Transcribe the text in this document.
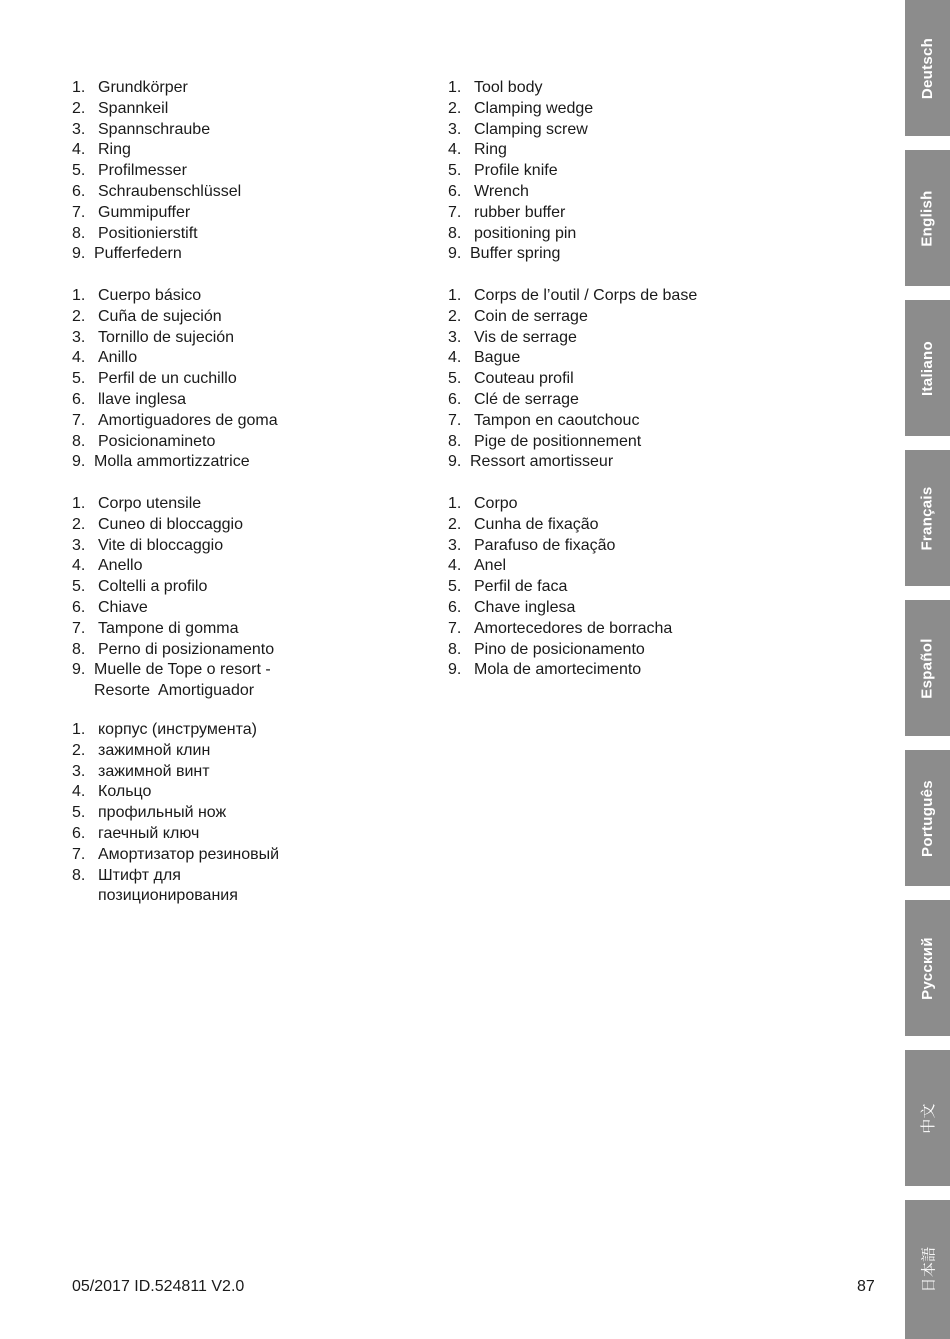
1. Grundkörper
2. Spannkeil
3. Spannschraube
4. Ring
5. Profilmesser
6. Schraubenschlüssel
7. Gummipuffer
8. Positionierstift
9. Pufferfedern
1. Tool body
2. Clamping wedge
3. Clamping screw
4. Ring
5. Profile knife
6. Wrench
7. rubber buffer
8. positioning pin
9. Buffer spring
1. Cuerpo básico
2. Cuña de sujeción
3. Tornillo de sujeción
4. Anillo
5. Perfil de un cuchillo
6. llave inglesa
7. Amortiguadores de goma
8. Posicionamineto
9. Molla ammortizzatrice
1. Corps de l’outil / Corps de base
2. Coin de serrage
3. Vis de serrage
4. Bague
5. Couteau profil
6. Clé de serrage
7. Tampon en caoutchouc
8. Pige de positionnement
9. Ressort amortisseur
1. Corpo utensile
2. Cuneo di bloccaggio
3. Vite di bloccaggio
4. Anello
5. Coltelli a profilo
6. Chiave
7. Tampone di gomma
8. Perno di posizionamento
9. Muelle de Tope o resort -
Resorte  Amortiguador
1. Corpo
2. Cunha de fixação
3. Parafuso de fixação
4. Anel
5. Perfil de faca
6. Chave inglesa
7. Amortecedores de borracha
8. Pino de posicionamento
9. Mola de amortecimento
1. корпус (инструмента)
2. зажимной клин
3. зажимной винт
4. Кольцо
5. профильный нож
6. гаечный ключ
7. Амортизатор резиновый
8. Штифт для
позиционирования
05/2017 ID.524811 V2.0	87
Deutsch
English
Italiano
Français
Español
Português
Русский
中文
日本語
